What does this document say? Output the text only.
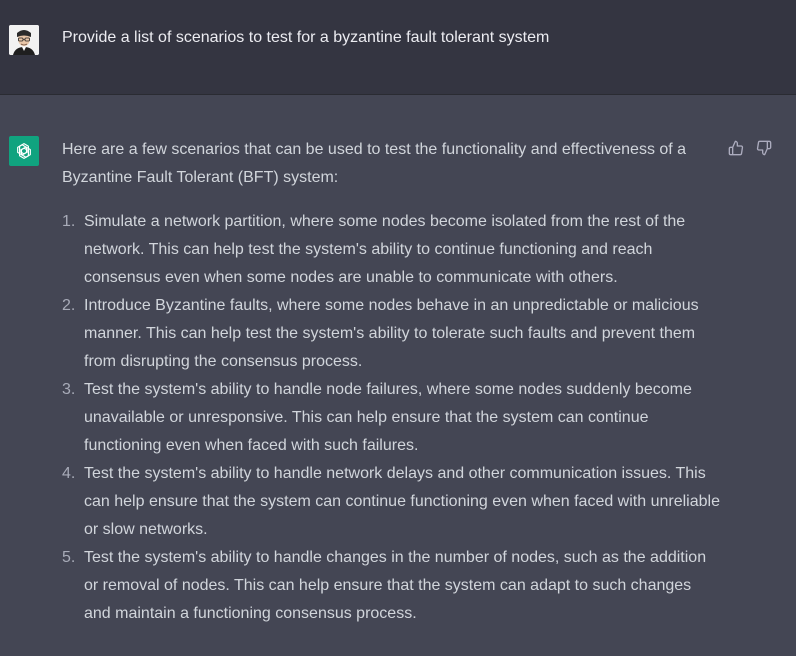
Provide a list of scenarios to test for a byzantine fault tolerant system

Here are a few scenarios that can be used to test the functionality and effectiveness of a Byzantine Fault Tolerant (BFT) system:

1. Simulate a network partition, where some nodes become isolated from the rest of the network. This can help test the system's ability to continue functioning and reach consensus even when some nodes are unable to communicate with others.
2. Introduce Byzantine faults, where some nodes behave in an unpredictable or malicious manner. This can help test the system's ability to tolerate such faults and prevent them from disrupting the consensus process.
3. Test the system's ability to handle node failures, where some nodes suddenly become unavailable or unresponsive. This can help ensure that the system can continue functioning even when faced with such failures.
4. Test the system's ability to handle network delays and other communication issues. This can help ensure that the system can continue functioning even when faced with unreliable or slow networks.
5. Test the system's ability to handle changes in the number of nodes, such as the addition or removal of nodes. This can help ensure that the system can adapt to such changes and maintain a functioning consensus process.
